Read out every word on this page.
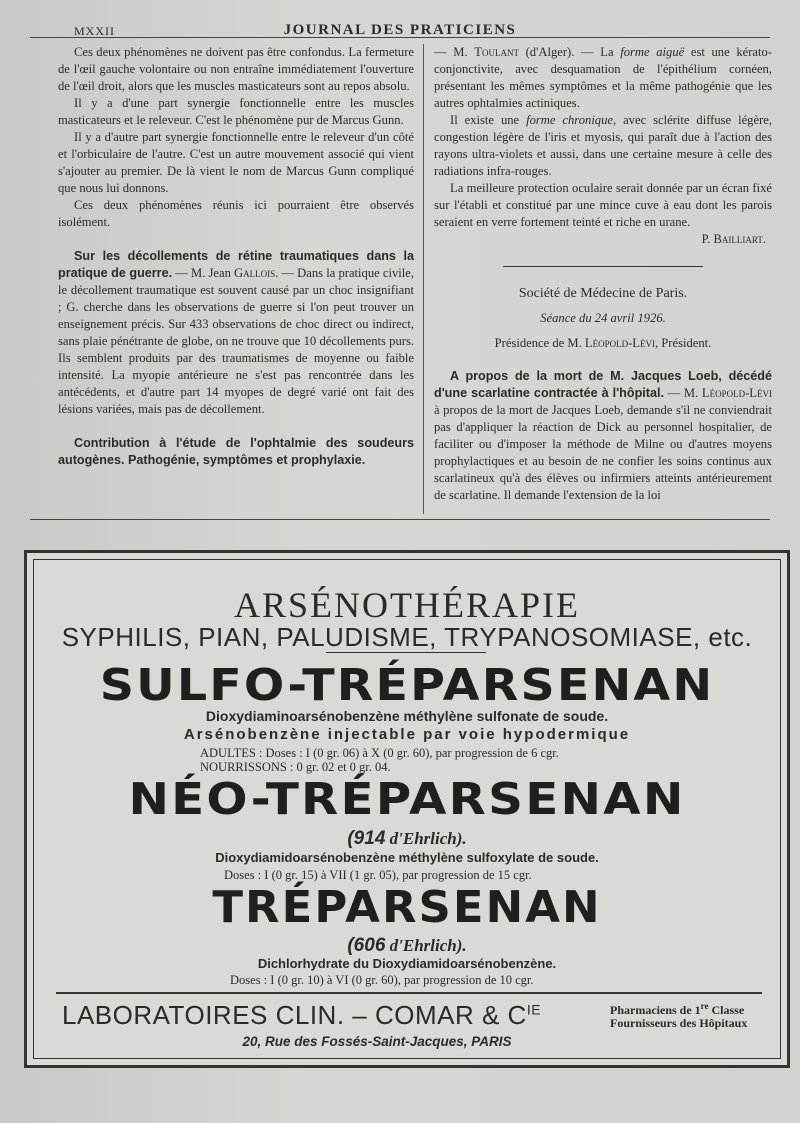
MXXII	JOURNAL DES PRATICIENS

Ces deux phénomènes ne doivent pas être confondus. La fermeture de l'œil gauche volontaire ou non entraîne immédiatement l'ouverture de l'œil droit, alors que les muscles masticateurs sont au repos absolu.

Il y a d'une part synergie fonctionnelle entre les muscles masticateurs et le releveur. C'est le phénomène pur de Marcus Gunn.

Il y a d'autre part synergie fonctionnelle entre le releveur d'un côté et l'orbiculaire de l'autre. C'est un autre mouvement associé qui vient s'ajouter au premier. De là vient le nom de Marcus Gunn compliqué que nous lui donnons.

Ces deux phénomènes réunis ici pourraient être observés isolément.

Sur les décollements de rétine traumatiques dans la pratique de guerre. — M. Jean Gallois. — Dans la pratique civile, le décollement traumatique est souvent causé par un choc insignifiant ; G. cherche dans les observations de guerre si l'on peut trouver un enseignement précis. Sur 433 observations de choc direct ou indirect, sans plaie pénétrante de globe, on ne trouve que 10 décollements purs. Ils semblent produits par des traumatismes de moyenne ou faible intensité. La myopie antérieure ne s'est pas rencontrée dans les antécédents, et d'autre part 14 myopes de degré varié ont fait des lésions variées, mais pas de décollement.

Contribution à l'étude de l'ophtalmie des soudeurs autogènes. Pathogénie, symptômes et prophylaxie.

— M. Toulant (d'Alger). — La forme aiguë est une kérato-conjonctivite, avec desquamation de l'épithélium cornéen, présentant les mêmes symptômes et la même pathogénie que les autres ophtalmies actiniques.

Il existe une forme chronique, avec sclérite diffuse légère, congestion légère de l'iris et myosis, qui paraît due à l'action des rayons ultra-violets et aussi, dans une certaine mesure à celle des radiations infra-rouges.

La meilleure protection oculaire serait donnée par un écran fixé sur l'établi et constitué par une mince cuve à eau dont les parois seraient en verre fortement teinté et riche en urane.

P. Bailliart.

Société de Médecine de Paris.

Séance du 24 avril 1926.

Présidence de M. Léopold-Lévi, Président.

A propos de la mort de M. Jacques Loeb, décédé d'une scarlatine contractée à l'hôpital. — M. Léopold-Lévi à propos de la mort de Jacques Loeb, demande s'il ne conviendrait pas d'appliquer la réaction de Dick au personnel hospitalier, de faciliter ou d'imposer la méthode de Milne ou d'autres moyens prophylactiques et au besoin de ne confier les soins continus aux scarlatineux qu'à des élèves ou infirmiers atteints antérieurement de scarlatine. Il demande l'extension de la loi

ARSÉNOTHÉRAPIE
SYPHILIS, PIAN, PALUDISME, TRYPANOSOMIASE, etc.
SULFO-TRÉPARSENAN
Dioxydiaminoarsénobenzène méthylène sulfonate de soude.
Arsénobenzène injectable par voie hypodermique
ADULTES : Doses : I (0 gr. 06) à X (0 gr. 60), par progression de 6 cgr.
NOURRISSONS : 0 gr. 02 et 0 gr. 04.
NÉO-TRÉPARSENAN
(914 d'Ehrlich).
Dioxydiamidoarsénobenzène méthylène sulfoxylate de soude.
Doses : I (0 gr. 15) à VII (1 gr. 05), par progression de 15 cgr.
TRÉPARSENAN
(606 d'Ehrlich).
Dichlorhydrate du Dioxydiamidoarsénobenzène.
Doses : I (0 gr. 10) à VI (0 gr. 60), par progression de 10 cgr.
LABORATOIRES CLIN. – COMAR & $C^{IE}$	Pharmaciens de 1re Classe
Fournisseurs des Hôpitaux
20, Rue des Fossés-Saint-Jacques, PARIS
